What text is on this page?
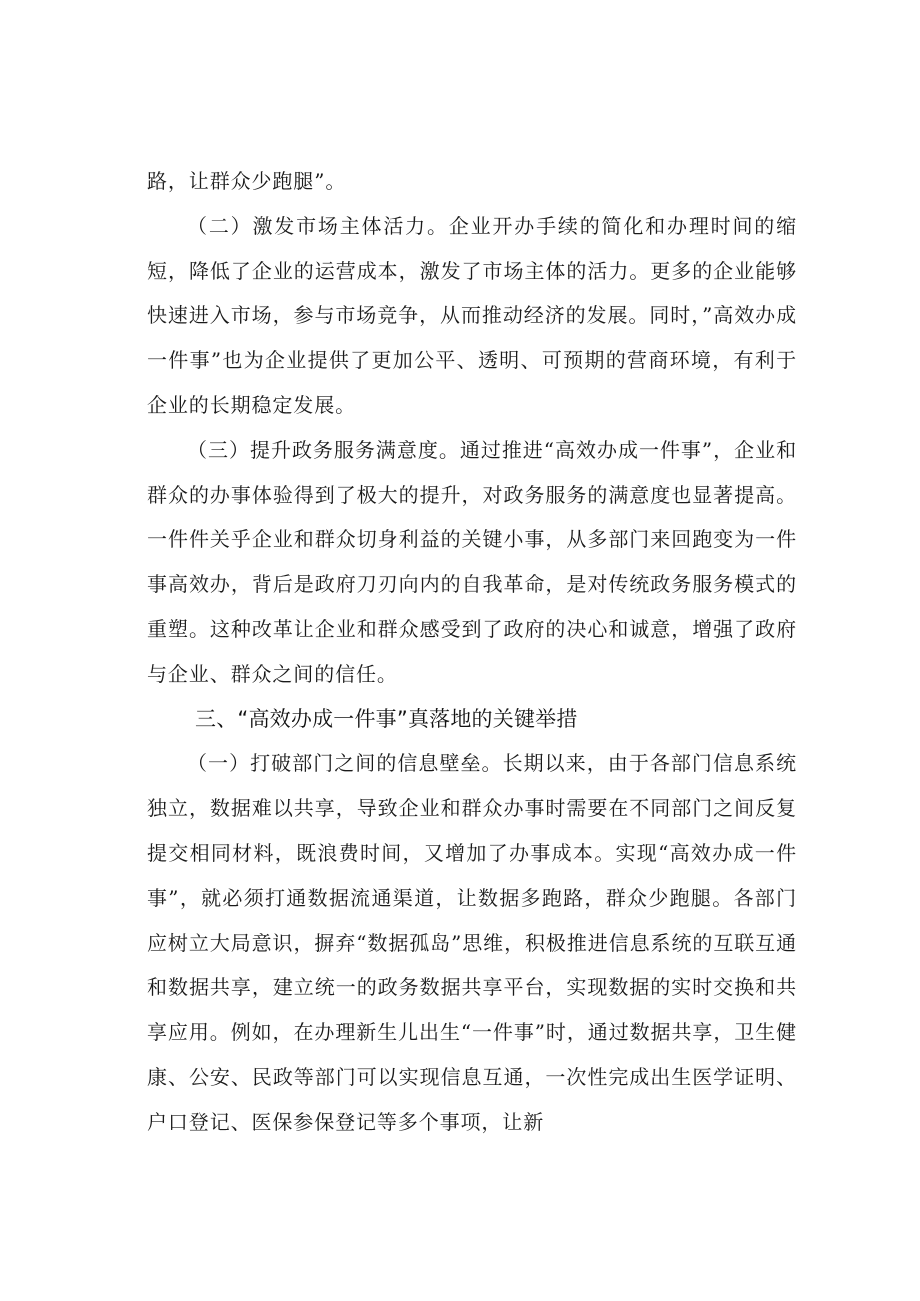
路，让群众少跑腿”。

（二）激发市场主体活力。企业开办手续的简化和办理时间的缩短，降低了企业的运营成本，激发了市场主体的活力。更多的企业能够快速进入市场，参与市场竞争，从而推动经济的发展。同时，”高效办成一件事”也为企业提供了更加公平、透明、可预期的营商环境，有利于企业的长期稳定发展。

（三）提升政务服务满意度。通过推进“高效办成一件事”，企业和群众的办事体验得到了极大的提升，对政务服务的满意度也显著提高。一件件关乎企业和群众切身利益的关键小事，从多部门来回跑变为一件事高效办，背后是政府刀刃向内的自我革命，是对传统政务服务模式的重塑。这种改革让企业和群众感受到了政府的决心和诚意，增强了政府与企业、群众之间的信任。

三、“高效办成一件事”真落地的关键举措

（一）打破部门之间的信息壁垒。长期以来，由于各部门信息系统独立，数据难以共享，导致企业和群众办事时需要在不同部门之间反复提交相同材料，既浪费时间，又增加了办事成本。实现“高效办成一件事”，就必须打通数据流通渠道，让数据多跑路，群众少跑腿。各部门应树立大局意识，摒弃“数据孤岛”思维，积极推进信息系统的互联互通和数据共享，建立统一的政务数据共享平台，实现数据的实时交换和共享应用。例如，在办理新生儿出生“一件事”时，通过数据共享，卫生健康、公安、民政等部门可以实现信息互通，一次性完成出生医学证明、户口登记、医保参保登记等多个事项，让新
